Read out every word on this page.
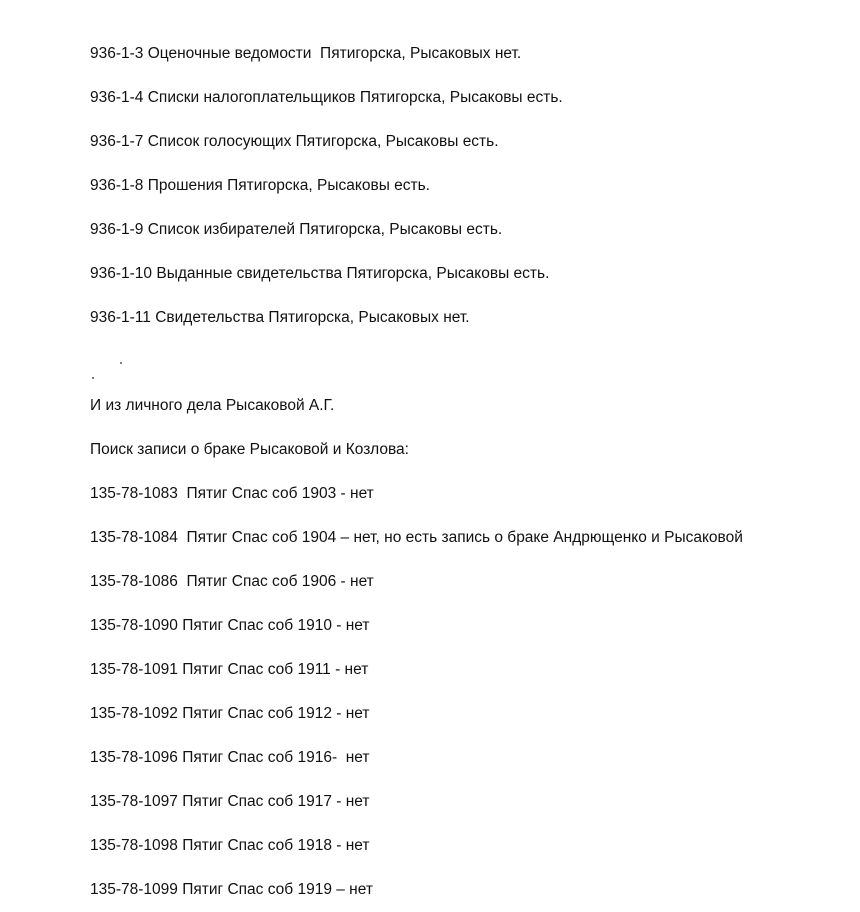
936-1-3 Оценочные ведомости  Пятигорска, Рысаковых нет.
936-1-4 Списки налогоплательщиков Пятигорска, Рысаковы есть.
936-1-7 Список голосующих Пятигорска, Рысаковы есть.
936-1-8 Прошения Пятигорска, Рысаковы есть.
936-1-9 Список избирателей Пятигорска, Рысаковы есть.
936-1-10 Выданные свидетельства Пятигорска, Рысаковы есть.
936-1-11 Свидетельства Пятигорска, Рысаковых нет.
И из личного дела Рысаковой А.Г.
Поиск записи о браке Рысаковой и Козлова:
135-78-1083  Пятиг Спас соб 1903 - нет
135-78-1084  Пятиг Спас соб 1904 – нет, но есть запись о браке Андрющенко и Рысаковой
135-78-1086  Пятиг Спас соб 1906 - нет
135-78-1090 Пятиг Спас соб 1910 - нет
135-78-1091 Пятиг Спас соб 1911 - нет
135-78-1092 Пятиг Спас соб 1912 - нет
135-78-1096 Пятиг Спас соб 1916-  нет
135-78-1097 Пятиг Спас соб 1917 - нет
135-78-1098 Пятиг Спас соб 1918 - нет
135-78-1099 Пятиг Спас соб 1919 – нет
